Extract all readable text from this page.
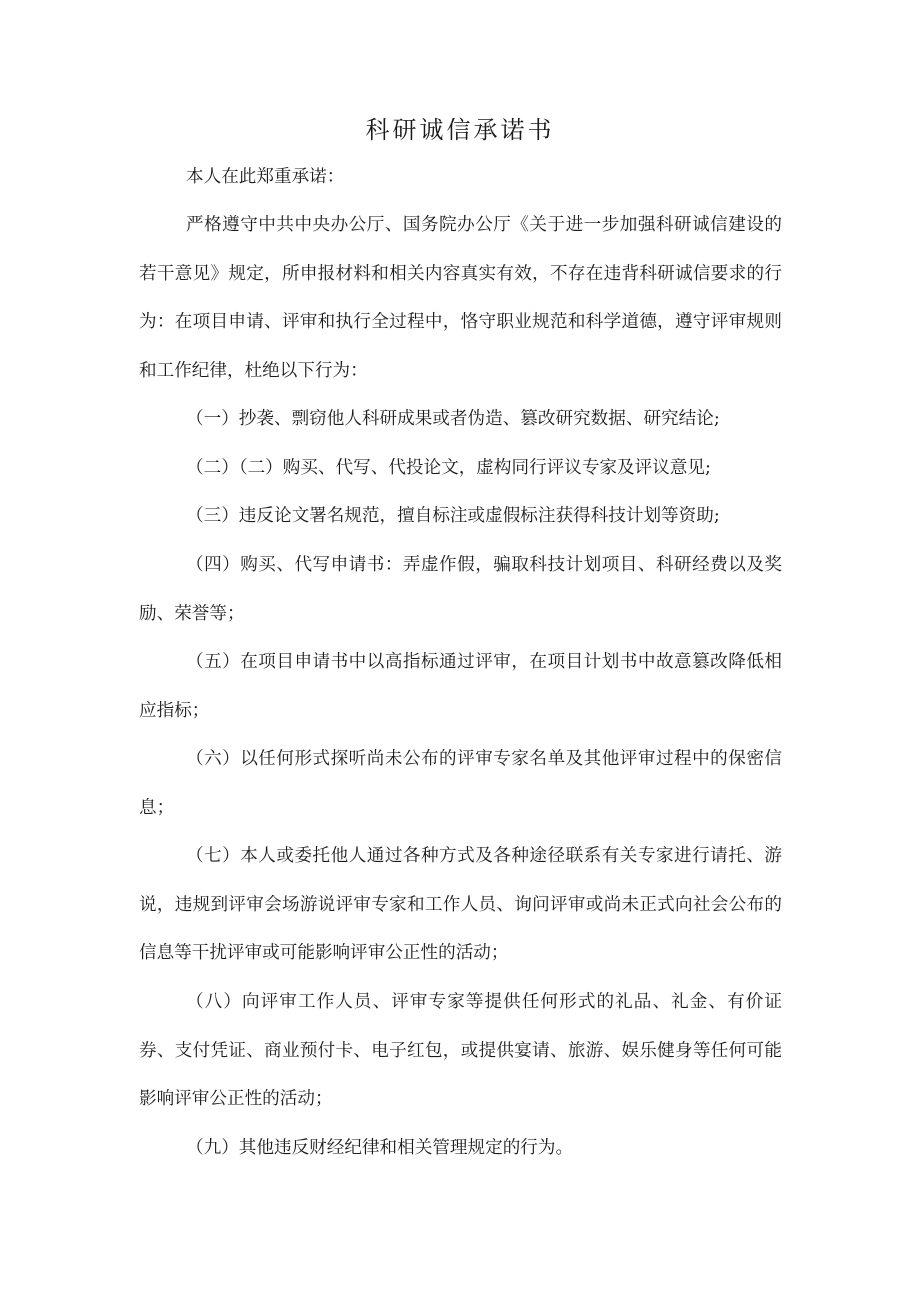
科研诚信承诺书

本人在此郑重承诺：

严格遵守中共中央办公厅、国务院办公厅《关于进一步加强科研诚信建设的若干意见》规定，所申报材料和相关内容真实有效，不存在违背科研诚信要求的行为：在项目申请、评审和执行全过程中，恪守职业规范和科学道德，遵守评审规则和工作纪律，杜绝以下行为：

（一）抄袭、剽窃他人科研成果或者伪造、篡改研究数据、研究结论;

（二）（二）购买、代写、代投论文，虚构同行评议专家及评议意见;

（三）违反论文署名规范，擅自标注或虚假标注获得科技计划等资助;

（四）购买、代写申请书：弄虚作假，骗取科技计划项目、科研经费以及奖励、荣誉等；

（五）在项目申请书中以高指标通过评审，在项目计划书中故意篡改降低相应指标；

（六）以任何形式探听尚未公布的评审专家名单及其他评审过程中的保密信息；

（七）本人或委托他人通过各种方式及各种途径联系有关专家进行请托、游说，违规到评审会场游说评审专家和工作人员、询问评审或尚未正式向社会公布的信息等干扰评审或可能影响评审公正性的活动；

（八）向评审工作人员、评审专家等提供任何形式的礼品、礼金、有价证券、支付凭证、商业预付卡、电子红包，或提供宴请、旅游、娱乐健身等任何可能影响评审公正性的活动；

（九）其他违反财经纪律和相关管理规定的行为。
